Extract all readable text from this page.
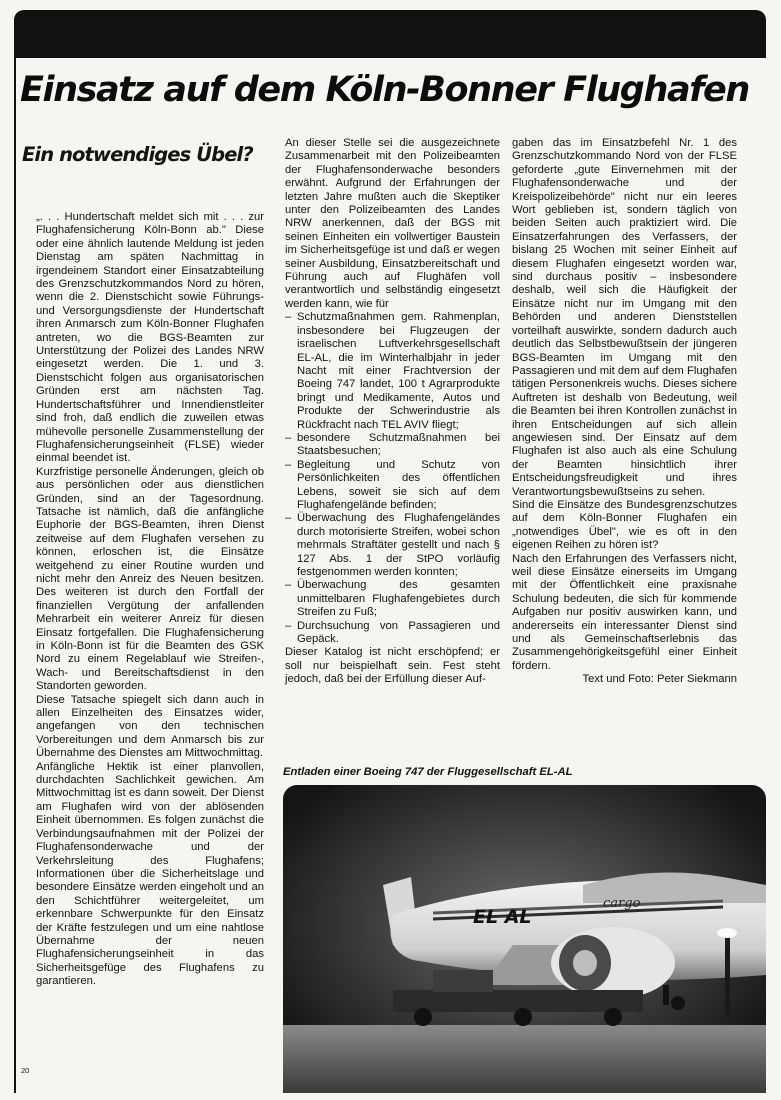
Einsatz auf dem Köln-Bonner Flughafen
Ein notwendiges Übel?

„. . . Hundertschaft meldet sich mit . . . zur Flughafensicherung Köln-Bonn ab." Diese oder eine ähnlich lautende Meldung ist jeden Dienstag am späten Nachmittag in irgendeinem Standort einer Einsatzabteilung des Grenzschutzkommandos Nord zu hören, wenn die 2. Dienstschicht sowie Führungs- und Versorgungsdienste der Hundertschaft ihren Anmarsch zum Köln-Bonner Flughafen antreten, wo die BGS-Beamten zur Unterstützung der Polizei des Landes NRW eingesetzt werden. Die 1. und 3. Dienstschicht folgen aus organisatorischen Gründen erst am nächsten Tag. Hundertschaftsführer und Innendienstleiter sind froh, daß endlich die zuweilen etwas mühevolle personelle Zusammenstellung der Flughafensicherungseinheit (FLSE) wieder einmal beendet ist.

Kurzfristige personelle Änderungen, gleich ob aus persönlichen oder aus dienstlichen Gründen, sind an der Tagesordnung. Tatsache ist nämlich, daß die anfängliche Euphorie der BGS-Beamten, ihren Dienst zeitweise auf dem Flughafen versehen zu können, erloschen ist, die Einsätze weitgehend zu einer Routine wurden und nicht mehr den Anreiz des Neuen besitzen. Des weiteren ist durch den Fortfall der finanziellen Vergütung der anfallenden Mehrarbeit ein weiterer Anreiz für diesen Einsatz fortgefallen. Die Flughafensicherung in Köln-Bonn ist für die Beamten des GSK Nord zu einem Regelablauf wie Streifen-, Wach- und Bereitschaftsdienst in den Standorten geworden.

Diese Tatsache spiegelt sich dann auch in allen Einzelheiten des Einsatzes wider, angefangen von den technischen Vorbereitungen und dem Anmarsch bis zur Übernahme des Dienstes am Mittwochmittag.

Anfängliche Hektik ist einer planvollen, durchdachten Sachlichkeit gewichen. Am Mittwochmittag ist es dann soweit. Der Dienst am Flughafen wird von der ablösenden Einheit übernommen. Es folgen zunächst die Verbindungsaufnahmen mit der Polizei der Flughafensonderwache und der Verkehrsleitung des Flughafens; Informationen über die Sicherheitslage und besondere Einsätze werden eingeholt und an den Schichtführer weitergeleitet, um erkennbare Schwerpunkte für den Einsatz der Kräfte festzulegen und um eine nahtlose Übernahme der neuen Flughafensicherungseinheit in das Sicherheitsgefüge des Flughafens zu garantieren.

An dieser Stelle sei die ausgezeichnete Zusammenarbeit mit den Polizeibeamten der Flughafensonderwache besonders erwähnt. Aufgrund der Erfahrungen der letzten Jahre mußten auch die Skeptiker unter den Polizeibeamten des Landes NRW anerkennen, daß der BGS mit seinen Einheiten ein vollwertiger Baustein im Sicherheitsgefüge ist und daß er wegen seiner Ausbildung, Einsatzbereitschaft und Führung auch auf Flughäfen voll verantwortlich und selbständig eingesetzt werden kann, wie für

– Schutzmaßnahmen gem. Rahmenplan, insbesondere bei Flugzeugen der israelischen Luftverkehrsgesellschaft EL-AL, die im Winterhalbjahr in jeder Nacht mit einer Frachtversion der Boeing 747 landet, 100 t Agrarprodukte bringt und Medikamente, Autos und Produkte der Schwerindustrie als Rückfracht nach TEL AVIV fliegt;
– besondere Schutzmaßnahmen bei Staatsbesuchen;
– Begleitung und Schutz von Persönlichkeiten des öffentlichen Lebens, soweit sie sich auf dem Flughafengelände befinden;
– Überwachung des Flughafengeländes durch motorisierte Streifen, wobei schon mehrmals Straftäter gestellt und nach § 127 Abs. 1 der StPO vorläufig festgenommen werden konnten;
– Überwachung des gesamten unmittelbaren Flughafengebietes durch Streifen zu Fuß;
– Durchsuchung von Passagieren und Gepäck.

Dieser Katalog ist nicht erschöpfend; er soll nur beispielhaft sein. Fest steht jedoch, daß bei der Erfüllung dieser Auf-

gaben das im Einsatzbefehl Nr. 1 des Grenzschutzkommando Nord von der FLSE geforderte „gute Einvernehmen mit der Flughafensonderwache und der Kreispolizeibehörde" nicht nur ein leeres Wort geblieben ist, sondern täglich von beiden Seiten auch praktiziert wird. Die Einsatzerfahrungen des Verfassers, der bislang 25 Wochen mit seiner Einheit auf diesem Flughafen eingesetzt worden war, sind durchaus positiv – insbesondere deshalb, weil sich die Häufigkeit der Einsätze nicht nur im Umgang mit den Behörden und anderen Dienststellen vorteilhaft auswirkte, sondern dadurch auch deutlich das Selbstbewußtsein der jüngeren BGS-Beamten im Umgang mit den Passagieren und mit dem auf dem Flughafen tätigen Personenkreis wuchs. Dieses sichere Auftreten ist deshalb von Bedeutung, weil die Beamten bei ihren Kontrollen zunächst in ihren Entscheidungen auf sich allein angewiesen sind. Der Einsatz auf dem Flughafen ist also auch als eine Schulung der Beamten hinsichtlich ihrer Entscheidungsfreudigkeit und ihres Verantwortungsbewußtseins zu sehen.

Sind die Einsätze des Bundesgrenzschutzes auf dem Köln-Bonner Flughafen ein „notwendiges Übel", wie es oft in den eigenen Reihen zu hören ist?

Nach den Erfahrungen des Verfassers nicht, weil diese Einsätze einerseits im Umgang mit der Öffentlichkeit eine praxisnahe Schulung bedeuten, die sich für kommende Aufgaben nur positiv auswirken kann, und andererseits ein interessanter Dienst sind und als Gemeinschaftserlebnis das Zusammengehörigkeitsgefühl einer Einheit fördern.

Text und Foto: Peter Siekmann

Entladen einer Boeing 747 der Fluggesellschaft EL-AL
EL AL
cargo
20
